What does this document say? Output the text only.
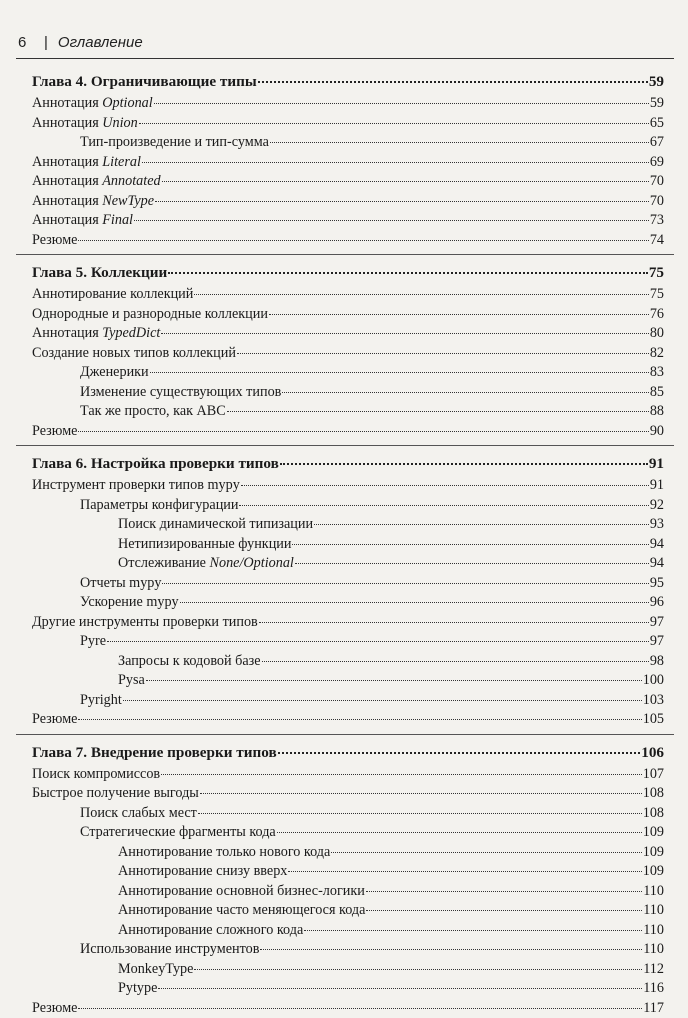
6 | Оглавление
Глава 4. Ограничивающие типы	59
Аннотация Optional	59
Аннотация Union	65
Тип-произведение и тип-сумма	67
Аннотация Literal	69
Аннотация Annotated	70
Аннотация NewType	70
Аннотация Final	73
Резюме	74
Глава 5. Коллекции	75
Аннотирование коллекций	75
Однородные и разнородные коллекции	76
Аннотация TypedDict	80
Создание новых типов коллекций	82
Дженерики	83
Изменение существующих типов	85
Так же просто, как ABC	88
Резюме	90
Глава 6. Настройка проверки типов	91
Инструмент проверки типов mypy	91
Параметры конфигурации	92
Поиск динамической типизации	93
Нетипизированные функции	94
Отслеживание None/Optional	94
Отчеты mypy	95
Ускорение mypy	96
Другие инструменты проверки типов	97
Pyre	97
Запросы к кодовой базе	98
Pysa	100
Pyright	103
Резюме	105
Глава 7. Внедрение проверки типов	106
Поиск компромиссов	107
Быстрое получение выгоды	108
Поиск слабых мест	108
Стратегические фрагменты кода	109
Аннотирование только нового кода	109
Аннотирование снизу вверх	109
Аннотирование основной бизнес-логики	110
Аннотирование часто меняющегося кода	110
Аннотирование сложного кода	110
Использование инструментов	110
MonkeyType	112
Pytype	116
Резюме	117
